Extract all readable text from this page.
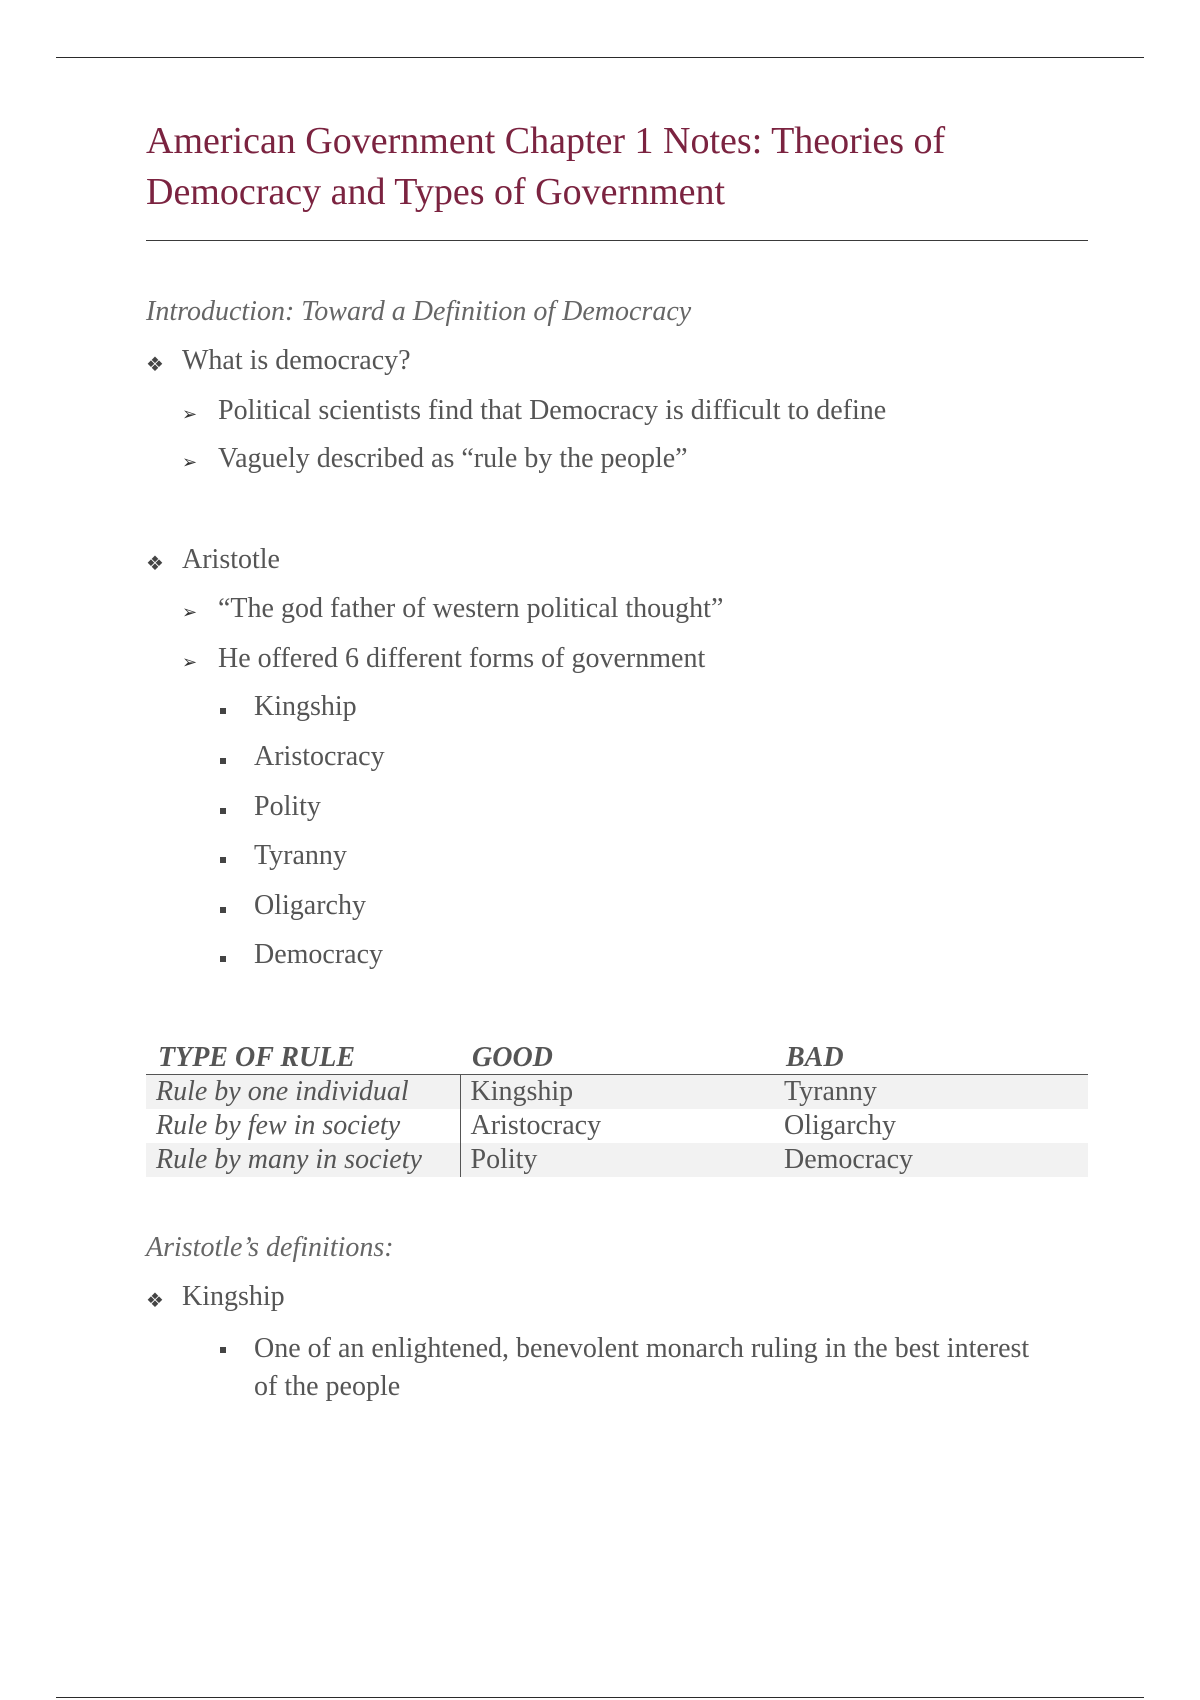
American Government Chapter 1 Notes: Theories of Democracy and Types of Government
Introduction: Toward a Definition of Democracy
❖ What is democracy?
➢ Political scientists find that Democracy is difficult to define
➢ Vaguely described as “rule by the people”
❖ Aristotle
➢ “The god father of western political thought”
➢ He offered 6 different forms of government
Kingship
Aristocracy
Polity
Tyranny
Oligarchy
Democracy
TYPE OF RULE	GOOD	BAD
Rule by one individual	Kingship	Tyranny
Rule by few in society	Aristocracy	Oligarchy
Rule by many in society	Polity	Democracy
Aristotle’s definitions:
❖ Kingship
One of an enlightened, benevolent monarch ruling in the best interest of the people
